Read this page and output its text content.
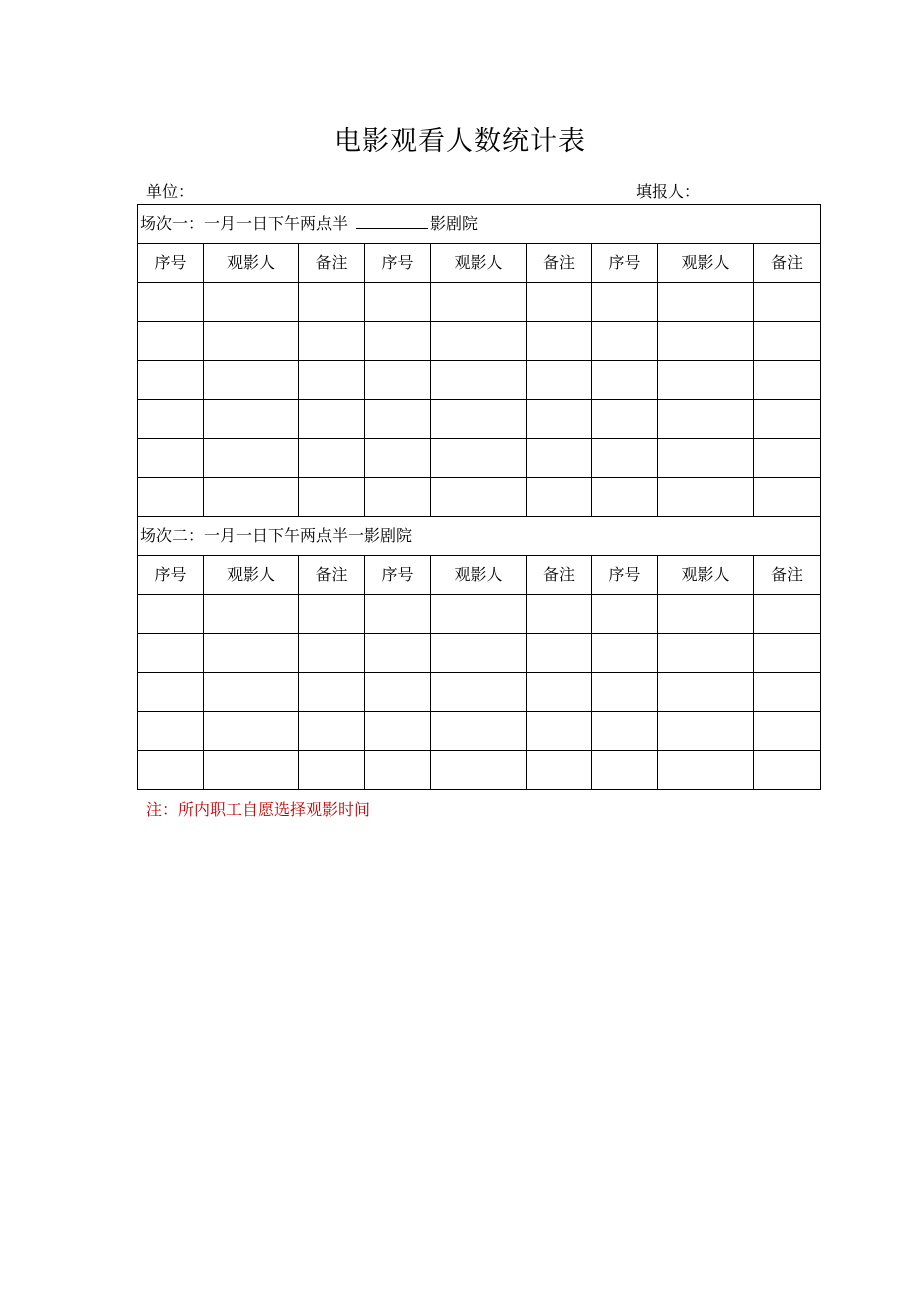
电影观看人数统计表
单位：	填报人：
场次一：一月一日下午两点半 影剧院								
序号	观影人	备注	序号	观影人	备注	序号	观影人	备注

场次二：一月一日下午两点半一影剧院								
序号	观影人	备注	序号	观影人	备注	序号	观影人	备注

注：所内职工自愿选择观影时间
